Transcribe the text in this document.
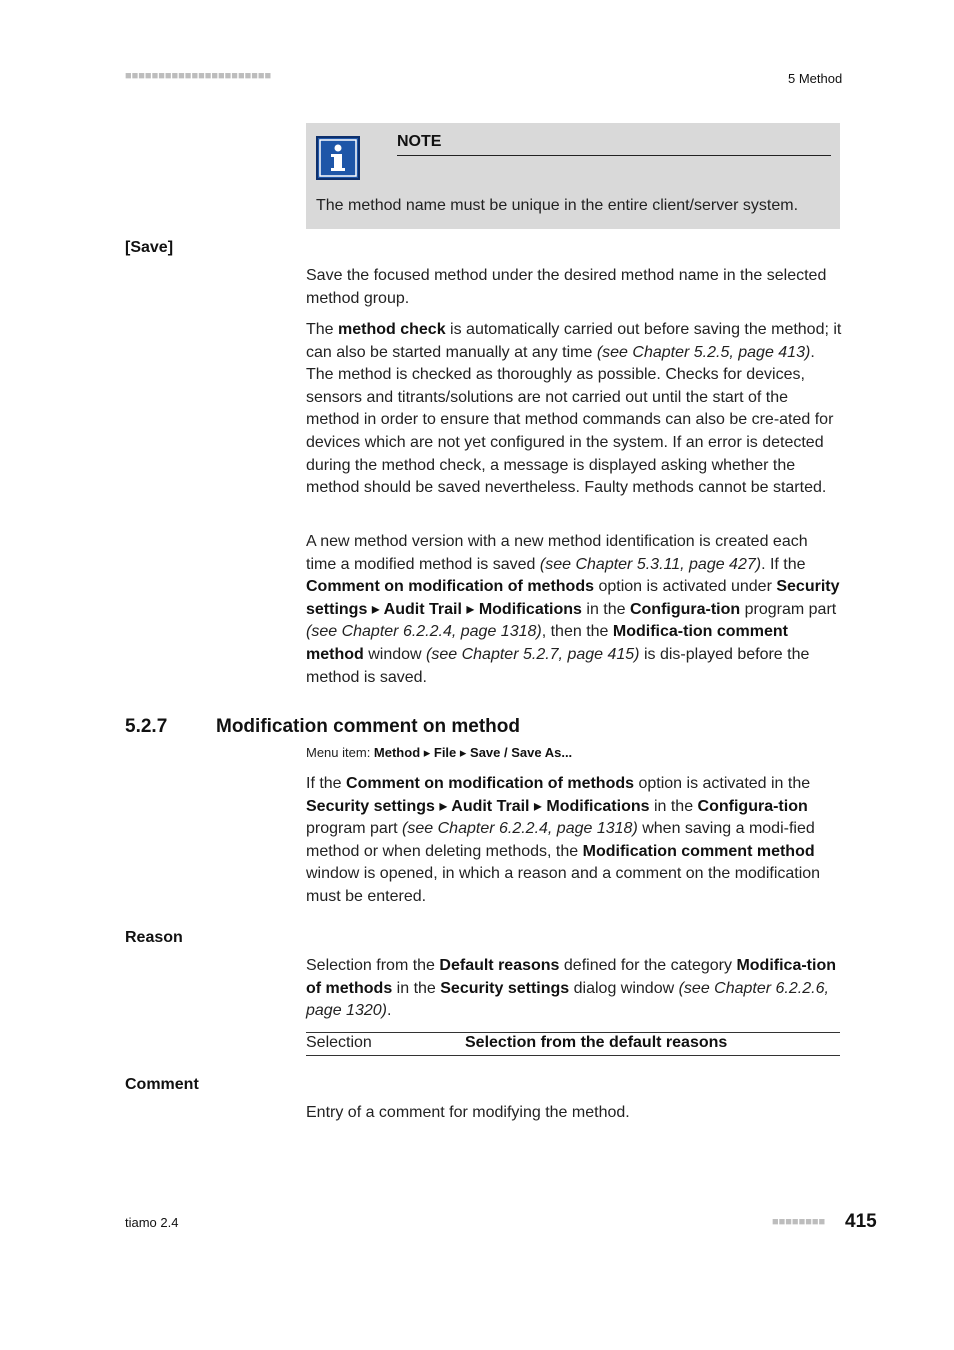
■■■■■■■■■■■■■■■■■■■■■■	5 Method
NOTE
The method name must be unique in the entire client/server system.
[Save]

Save the focused method under the desired method name in the selected method group.

The method check is automatically carried out before saving the method; it can also be started manually at any time (see Chapter 5.2.5, page 413). The method is checked as thoroughly as possible. Checks for devices, sensors and titrants/solutions are not carried out until the start of the method in order to ensure that method commands can also be cre-ated for devices which are not yet configured in the system. If an error is detected during the method check, a message is displayed asking whether the method should be saved nevertheless. Faulty methods cannot be started.

A new method version with a new method identification is created each time a modified method is saved (see Chapter 5.3.11, page 427). If the Comment on modification of methods option is activated under Security settings ▸ Audit Trail ▸ Modifications in the Configura-tion program part (see Chapter 6.2.2.4, page 1318), then the Modifica-tion comment method window (see Chapter 5.2.7, page 415) is dis-played before the method is saved.

5.2.7	Modification comment on method
Menu item: Method ▸ File ▸ Save / Save As...

If the Comment on modification of methods option is activated in the Security settings ▸ Audit Trail ▸ Modifications in the Configura-tion program part (see Chapter 6.2.2.4, page 1318) when saving a modi-fied method or when deleting methods, the Modification comment method window is opened, in which a reason and a comment on the modification must be entered.

Reason

Selection from the Default reasons defined for the category Modifica-tion of methods in the Security settings dialog window (see Chapter 6.2.2.6, page 1320).

Selection	Selection from the default reasons
Comment

Entry of a comment for modifying the method.

tiamo 2.4	■■■■■■■■ 415
